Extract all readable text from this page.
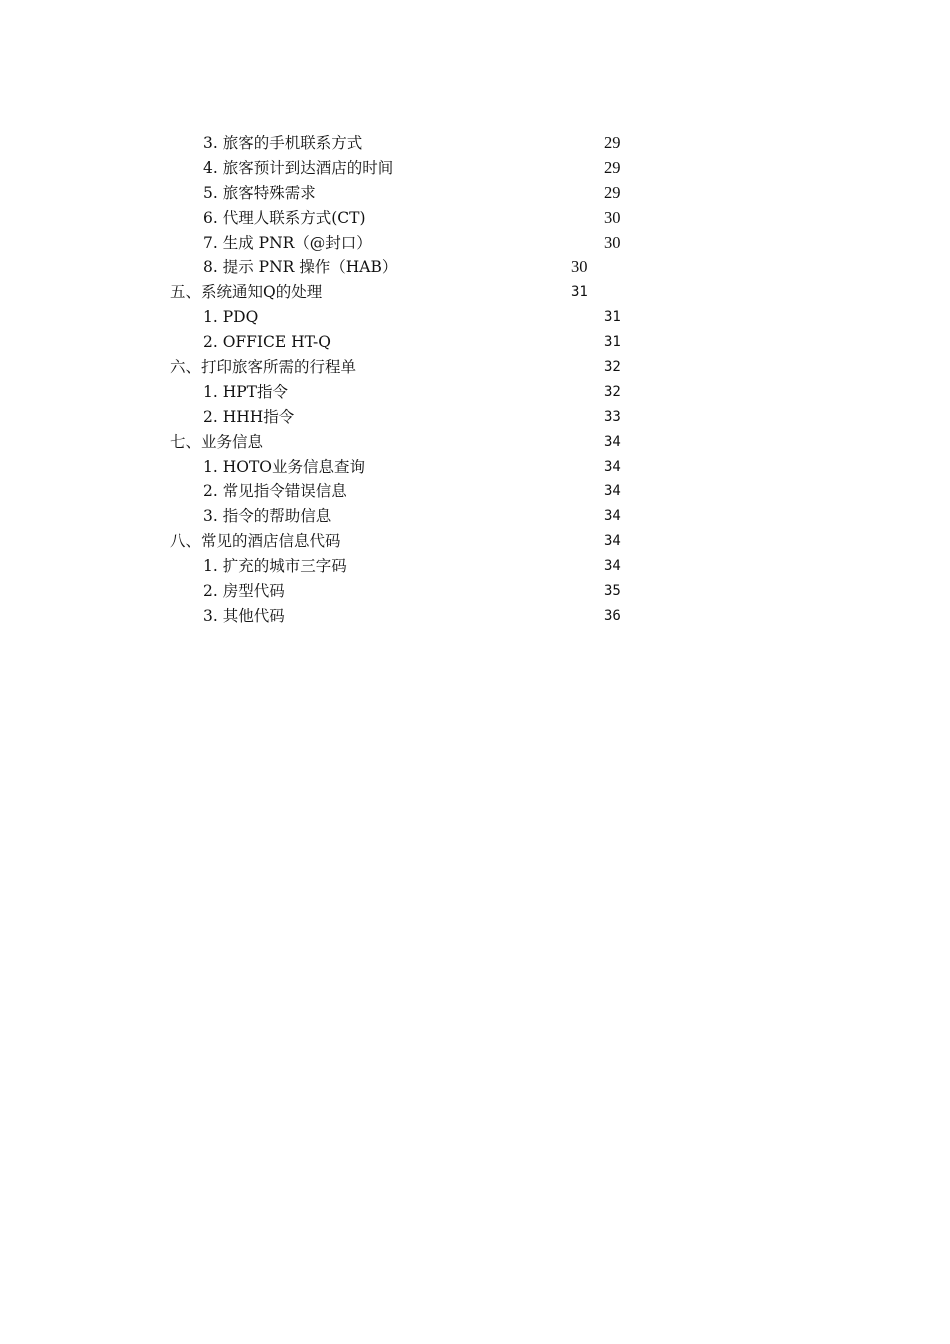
3. 旅客的手机联系方式	29
4. 旅客预计到达酒店的时间	29
5. 旅客特殊需求	29
6. 代理人联系方式(CT)	30
7. 生成 PNR（@封口）	30
8. 提示 PNR 操作（HAB）	30
五、系统通知Q的处理	31
1. PDQ	31
2. OFFICE HT-Q	31
六、打印旅客所需的行程单	32
1. HPT指令	32
2. HHH指令	33
七、业务信息	34
1. HOTO业务信息查询	34
2. 常见指令错误信息	34
3. 指令的帮助信息	34
八、常见的酒店信息代码	34
1. 扩充的城市三字码	34
2. 房型代码	35
3. 其他代码	36
